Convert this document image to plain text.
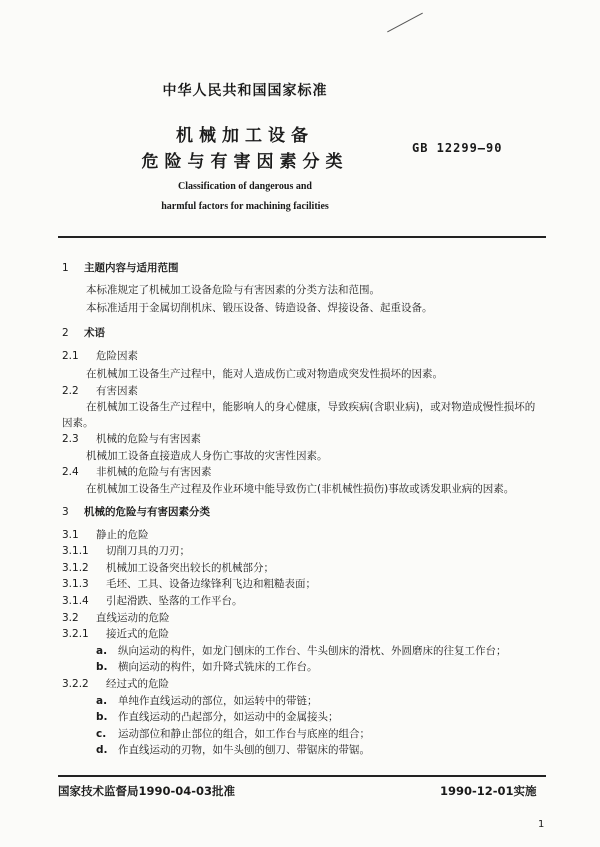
中华人民共和国国家标准
机械加工设备
危险与有害因素分类
GB 12299—90
Classification of dangerous and
harmful factors for machining facilities
1 主题内容与适用范围
本标准规定了机械加工设备危险与有害因素的分类方法和范围。
本标准适用于金属切削机床、锻压设备、铸造设备、焊接设备、起重设备。
2 术语
2.1 危险因素
在机械加工设备生产过程中，能对人造成伤亡或对物造成突发性损坏的因素。
2.2 有害因素
在机械加工设备生产过程中，能影响人的身心健康，导致疾病(含职业病)，或对物造成慢性损坏的
因素。
2.3 机械的危险与有害因素
机械加工设备直接造成人身伤亡事故的灾害性因素。
2.4 非机械的危险与有害因素
在机械加工设备生产过程及作业环境中能导致伤亡(非机械性损伤)事故或诱发职业病的因素。
3 机械的危险与有害因素分类
3.1 静止的危险
3.1.1 切削刀具的刀刃；
3.1.2 机械加工设备突出较长的机械部分；
3.1.3 毛坯、工具、设备边缘锋利飞边和粗糙表面；
3.1.4 引起滑跌、坠落的工作平台。
3.2 直线运动的危险
3.2.1 接近式的危险
a. 纵向运动的构件，如龙门刨床的工作台、牛头刨床的滑枕、外圆磨床的往复工作台；
b. 横向运动的构件，如升降式铣床的工作台。
3.2.2 经过式的危险
a. 单纯作直线运动的部位，如运转中的带链；
b. 作直线运动的凸起部分，如运动中的金属接头；
c. 运动部位和静止部位的组合，如工作台与底座的组合；
d. 作直线运动的刃物，如牛头刨的刨刀、带锯床的带锯。
国家技术监督局1990-04-03批准	1990-12-01实施
1
